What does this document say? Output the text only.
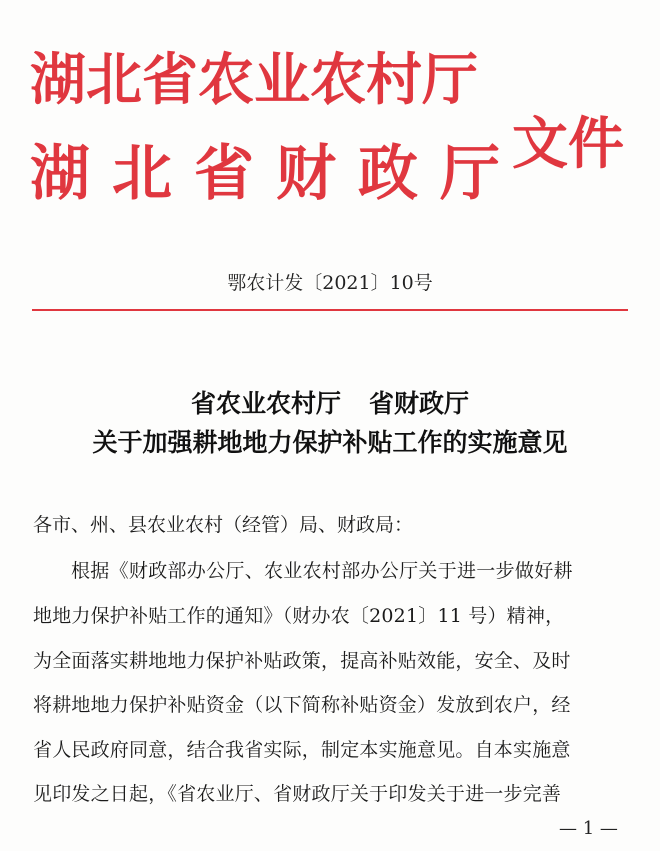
湖北省农业农村厅
湖北省财政厅
文件
鄂农计发〔2021〕10号
省农业农村厅 省财政厅
关于加强耕地地力保护补贴工作的实施意见
各市、州、县农业农村（经管）局、财政局：
根据《财政部办公厅、农业农村部办公厅关于进一步做好耕
地地力保护补贴工作的通知》（财办农〔2021〕11 号）精神，
为全面落实耕地地力保护补贴政策，提高补贴效能，安全、及时
将耕地地力保护补贴资金（以下简称补贴资金）发放到农户，经
省人民政府同意，结合我省实际，制定本实施意见。自本实施意
见印发之日起，《省农业厅、省财政厅关于印发关于进一步完善
— 1 —
